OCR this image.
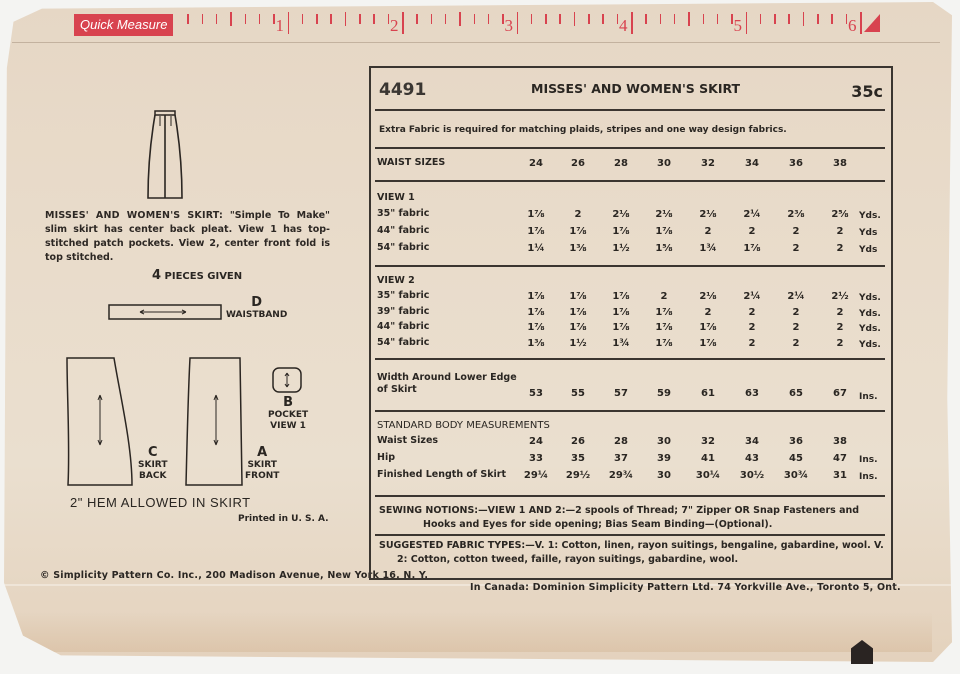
Quick Measure	1	2	3	4	5	6
MISSES' AND WOMEN'S SKIRT: "Simple To Make" slim skirt has center back pleat. View 1 has top-stitched patch pockets. View 2, center front fold is top stitched.
4 PIECES GIVEN
D
WAISTBAND
C
SKIRT
BACK
A
SKIRT
FRONT
B
POCKET
VIEW 1
2" HEM ALLOWED IN SKIRT
Printed in U. S. A.
© Simplicity Pattern Co. Inc., 200 Madison Avenue, New York 16, N. Y.
4491	MISSES' AND WOMEN'S SKIRT	35c
Extra Fabric is required for matching plaids, stripes and one way design fabrics.
WAIST SIZES	24	26	28	30	32	34	36	38
VIEW 1
35" fabric	1⅞	2	2⅛	2⅛	2⅛	2¼	2⅜	2⅝	Yds.
44" fabric	1⅞	1⅞	1⅞	1⅞	2	2	2	2	Yds
54" fabric	1¼	1⅜	1½	1⅝	1¾	1⅞	2	2	Yds
VIEW 2
35" fabric	1⅞	1⅞	1⅞	2	2⅛	2¼	2¼	2½	Yds.
39" fabric	1⅞	1⅞	1⅞	1⅞	2	2	2	2	Yds.
44" fabric	1⅞	1⅞	1⅞	1⅞	1⅞	2	2	2	Yds.
54" fabric	1⅜	1½	1¾	1⅞	1⅞	2	2	2	Yds.
Width Around Lower Edge
of Skirt	53	55	57	59	61	63	65	67	Ins.
STANDARD BODY MEASUREMENTS
Waist Sizes	24	26	28	30	32	34	36	38
Hip	33	35	37	39	41	43	45	47	Ins.
Finished Length of Skirt	29¼	29½	29¾	30	30¼	30½	30¾	31	Ins.
SEWING NOTIONS:—VIEW 1 AND 2:—2 spools of Thread; 7" Zipper OR Snap Fasteners and
Hooks and Eyes for side opening; Bias Seam Binding—(Optional).
SUGGESTED FABRIC TYPES:—V. 1: Cotton, linen, rayon suitings, bengaline, gabardine, wool. V.
2: Cotton, cotton tweed, faille, rayon suitings, gabardine, wool.
In Canada: Dominion Simplicity Pattern Ltd. 74 Yorkville Ave., Toronto 5, Ont.
